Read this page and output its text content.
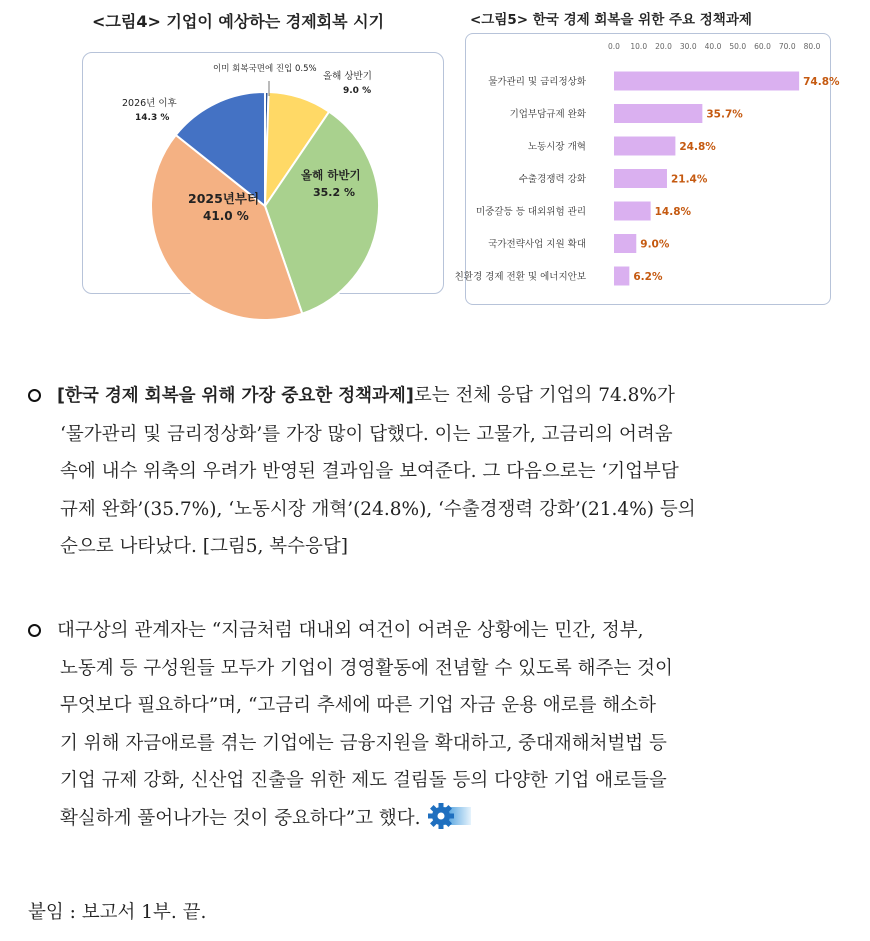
<그림4> 기업이 예상하는 경제회복 시기	<그림5> 한국 경제 회복을 위한 주요 정책과제
이미 회복국면에 진입 0.5%
올해 상반기
9.0 %
2026년 이후
14.3 %
올해 하반기
35.2 %
2025년부터
41.0 %
0.0 10.0 20.0 30.0 40.0 50.0 60.0 70.0 80.0
물가관리 및 금리정상화
기업부담규제 완화
노동시장 개혁
수출경쟁력 강화
미중갈등 등 대외위험 관리
국가전략사업 지원 확대
친환경 경제 전환 및 에너지안보
74.8%
35.7%
24.8%
21.4%
14.8%
9.0%
6.2%
[한국 경제 회복을 위해 가장 중요한 정책과제]로는 전체 응답 기업의 74.8%가
‘물가관리 및 금리정상화’를 가장 많이 답했다. 이는 고물가, 고금리의 어려움
속에 내수 위축의 우려가 반영된 결과임을 보여준다. 그 다음으로는 ‘기업부담
규제 완화’(35.7%), ‘노동시장 개혁’(24.8%), ‘수출경쟁력 강화’(21.4%) 등의
순으로 나타났다. [그림5, 복수응답]
대구상의 관계자는 “지금처럼 대내외 여건이 어려운 상황에는 민간, 정부,
노동계 등 구성원들 모두가 기업이 경영활동에 전념할 수 있도록 해주는 것이
무엇보다 필요하다”며, “고금리 추세에 따른 기업 자금 운용 애로를 해소하
기 위해 자금애로를 겪는 기업에는 금융지원을 확대하고, 중대재해처벌법 등
기업 규제 강화, 신산업 진출을 위한 제도 걸림돌 등의 다양한 기업 애로들을
확실하게 풀어나가는 것이 중요하다”고 했다.
붙임 : 보고서 1부. 끝.
